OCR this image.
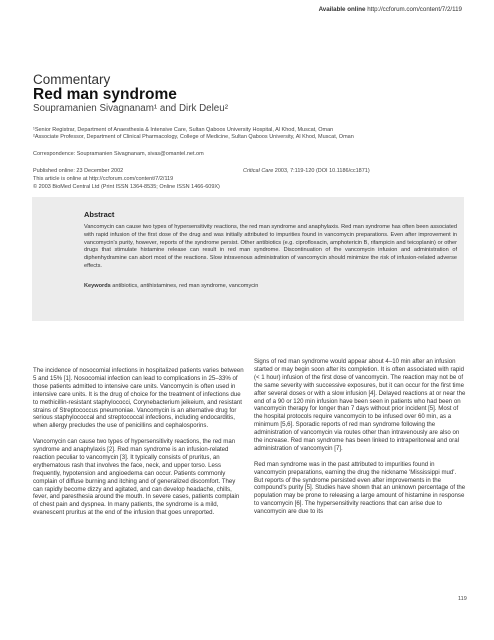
Available online http://ccforum.com/content/7/2/119
Commentary
Red man syndrome
Soupramanien Sivagnanam¹ and Dirk Deleu²
¹Senior Registrar, Department of Anaesthesia & Intensive Care, Sultan Qaboos University Hospital, Al Khod, Muscat, Oman
²Associate Professor, Department of Clinical Pharmacology, College of Medicine, Sultan Qaboos University, Al Khod, Muscat, Oman
Correspondence: Soupramanien Sivagnanam, sivas@omantel.net.om
Published online: 23 December 2002
This article is online at http://ccforum.com/content/7/2/119
© 2003 BioMed Central Ltd (Print ISSN 1364-8535; Online ISSN 1466-609X)
Critical Care 2003, 7:119-120 (DOI 10.1186/cc1871)
Abstract
Vancomycin can cause two types of hypersensitivity reactions, the red man syndrome and anaphylaxis. Red man syndrome has often been associated with rapid infusion of the first dose of the drug and was initially attributed to impurities found in vancomycin preparations. Even after improvement in vancomycin's purity, however, reports of the syndrome persist. Other antibiotics (e.g. ciprofloxacin, amphotericin B, rifampicin and teicoplanin) or other drugs that stimulate histamine release can result in red man syndrome. Discontinuation of the vancomycin infusion and administration of diphenhydramine can abort most of the reactions. Slow intravenous administration of vancomycin should minimize the risk of infusion-related adverse effects.
Keywords antibiotics, antihistamines, red man syndrome, vancomycin

The incidence of nosocomial infections in hospitalized patients varies between 5 and 15% [1]. Nosocomial infection can lead to complications in 25–33% of those patients admitted to intensive care units. Vancomycin is often used in intensive care units. It is the drug of choice for the treatment of infections due to methicillin-resistant staphylococci, Corynebacterium jeikeium, and resistant strains of Streptococcus pneumoniae. Vancomycin is an alternative drug for serious staphylococcal and streptococcal infections, including endocarditis, when allergy precludes the use of penicillins and cephalosporins.

Vancomycin can cause two types of hypersensitivity reactions, the red man syndrome and anaphylaxis [2]. Red man syndrome is an infusion-related reaction peculiar to vancomycin [3]. It typically consists of pruritus, an erythematous rash that involves the face, neck, and upper torso. Less frequently, hypotension and angioedema can occur. Patients commonly complain of diffuse burning and itching and of generalized discomfort. They can rapidly become dizzy and agitated, and can develop headache, chills, fever, and paresthesia around the mouth. In severe cases, patients complain of chest pain and dyspnea. In many patients, the syndrome is a mild, evanescent pruritus at the end of the infusion that goes unreported.

Signs of red man syndrome would appear about 4–10 min after an infusion started or may begin soon after its completion. It is often associated with rapid (< 1 hour) infusion of the first dose of vancomycin. The reaction may not be of the same severity with successive exposures, but it can occur for the first time after several doses or with a slow infusion [4]. Delayed reactions at or near the end of a 90 or 120 min infusion have been seen in patients who had been on vancomycin therapy for longer than 7 days without prior incident [5]. Most of the hospital protocols require vancomycin to be infused over 60 min, as a minimum [5,6]. Sporadic reports of red man syndrome following the administration of vancomycin via routes other than intravenously are also on the increase. Red man syndrome has been linked to intraperitoneal and oral administration of vancomycin [7].

Red man syndrome was in the past attributed to impurities found in vancomycin preparations, earning the drug the nickname 'Mississippi mud'. But reports of the syndrome persisted even after improvements in the compound's purity [5]. Studies have shown that an unknown percentage of the population may be prone to releasing a large amount of histamine in response to vancomycin [6]. The hypersensitivity reactions that can arise due to vancomycin are due to its

119
